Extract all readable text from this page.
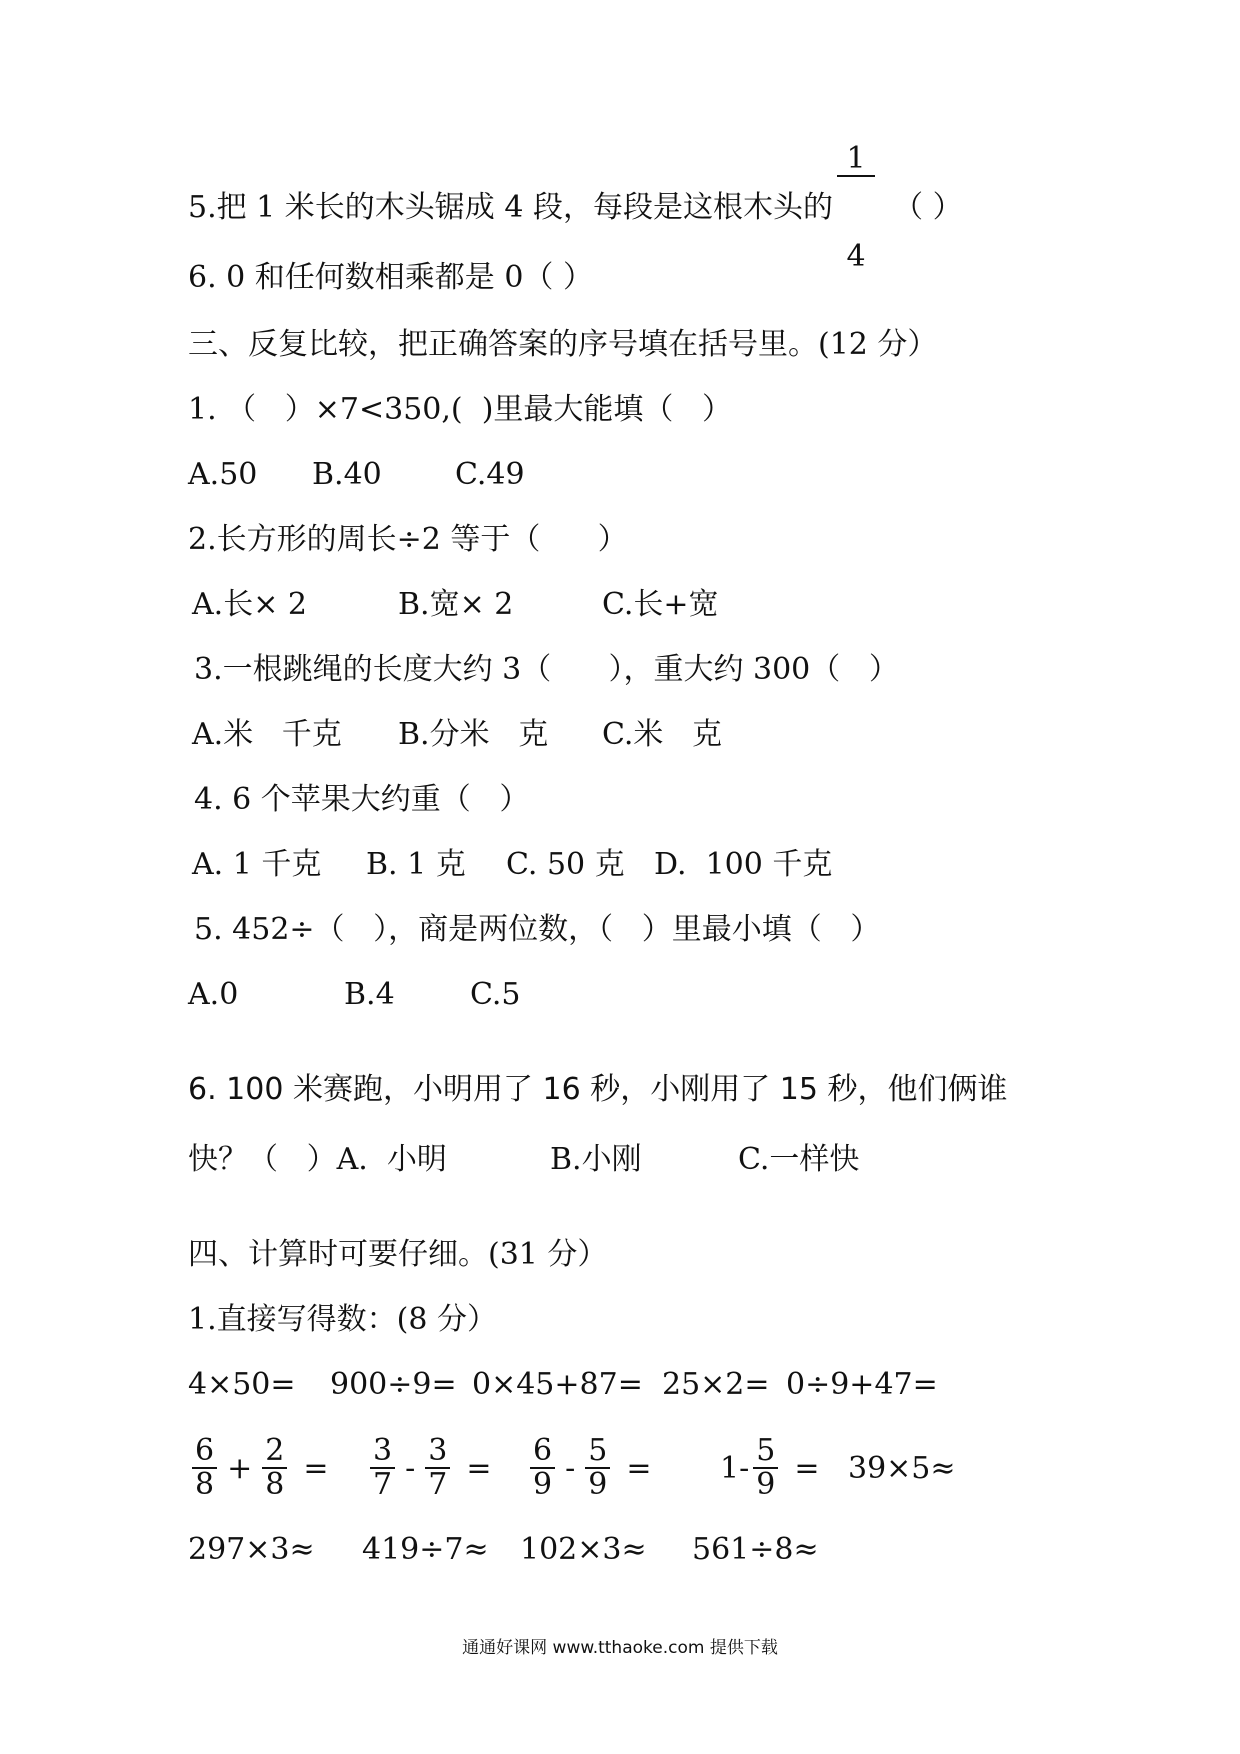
5.把 1 米长的木头锯成 4 段，每段是这根木头的

$\frac{1}{4}$

（ ）
6. 0 和任何数相乘都是 0（ ）
三、反复比较，把正确答案的序号填在括号里。(12 分）
1. （   ）×7<350,(  )里最大能填（   ）
A.50 B.40 C.49
2.长方形的周长÷2 等于（      ）
A.长× 2	B.宽× 2	C.长+宽
3.一根跳绳的长度大约 3（      ），重大约 300（   ）
A.米   千克 B.分米   克 C.米   克
4. 6 个苹果大约重（   ）
A. 1 千克 B. 1 克 C. 50 克 D.  100 千克
5. 452÷（   ），商是两位数，（   ）里最小填（   ）
A.0	B.4	C.5
6. 100 米赛跑，小明用了 16 秒，小刚用了 15 秒，他们俩谁
快？（   ）A.  小明	B.小刚	C.一样快
四、计算时可要仔细。(31 分）
1.直接写得数：(8 分）
4×50= 900÷9= 0×45+87= 25×2= 0÷9+47=
$\frac{6}{8} + \frac{2}{8} = \frac{3}{7} - \frac{3}{7} = \frac{6}{9} - \frac{5}{9} = 1- \frac{5}{9} = 39\times 5\approx$
297×3≈ 419÷7≈ 102×3≈ 561÷8≈
通通好课网 www.tthaoke.com 提供下载
